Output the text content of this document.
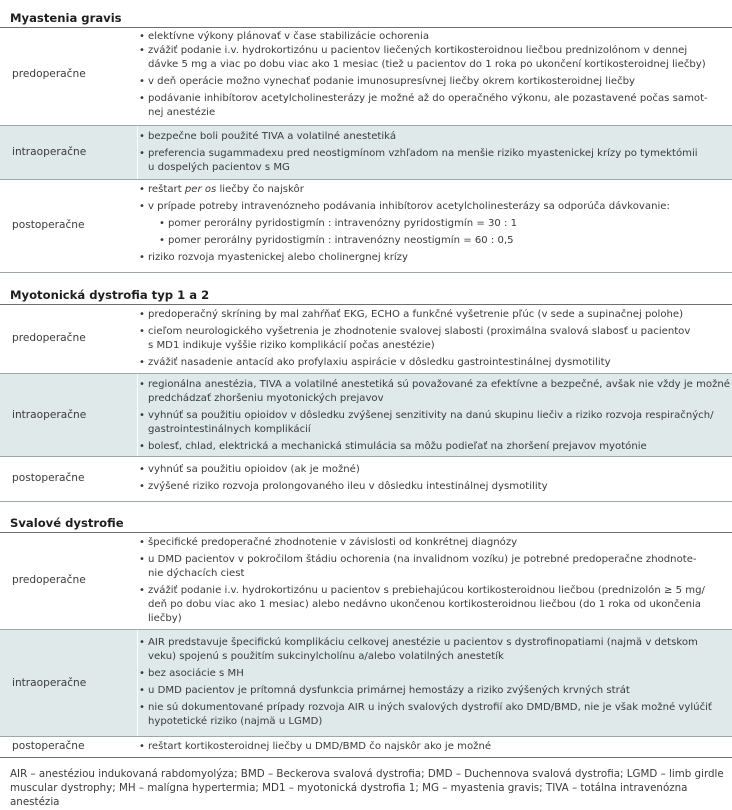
Myastenia gravis
predoperačne
• elektívne výkony plánovať v čase stabilizácie ochorenia
• zvážiť podanie i.v. hydrokortizónu u pacientov liečených kortikosteroidnou liečbou prednizolónom v dennej
dávke 5 mg a viac po dobu viac ako 1 mesiac (tiež u pacientov do 1 roka po ukončení kortikosteroidnej liečby)
• v deň operácie možno vynechať podanie imunosupresívnej liečby okrem kortikosteroidnej liečby
• podávanie inhibítorov acetylcholinesterázy je možné až do operačného výkonu, ale pozastavené počas samot-
nej anestézie
intraoperačne
• bezpečne boli použité TIVA a volatilné anestetiká
• preferencia sugammadexu pred neostigmínom vzhľadom na menšie riziko myastenickej krízy po tymektómii
u dospelých pacientov s MG
postoperačne
• reštart per os liečby čo najskôr
• v prípade potreby intravenózneho podávania inhibítorov acetylcholinesterázy sa odporúča dávkovanie:
• pomer perorálny pyridostigmín : intravenózny pyridostigmín = 30 : 1
• pomer perorálny pyridostigmín : intravenózny neostigmín = 60 : 0,5
• riziko rozvoja myastenickej alebo cholinergnej krízy
Myotonická dystrofia typ 1 a 2
predoperačne
• predoperačný skríning by mal zahŕňať EKG, ECHO a funkčné vyšetrenie pľúc (v sede a supinačnej polohe)
• cieľom neurologického vyšetrenia je zhodnotenie svalovej slabosti (proximálna svalová slabosť u pacientov
s MD1 indikuje vyššie riziko komplikácií počas anestézie)
• zvážiť nasadenie antacíd ako profylaxiu aspirácie v dôsledku gastrointestinálnej dysmotility
intraoperačne
• regionálna anestézia, TIVA a volatilné anestetiká sú považované za efektívne a bezpečné, avšak nie vždy je možné
predchádzať zhoršeniu myotonických prejavov
• vyhnúť sa použitiu opioidov v dôsledku zvýšenej senzitivity na danú skupinu liečiv a riziko rozvoja respiračných/
gastrointestinálnych komplikácií
• bolesť, chlad, elektrická a mechanická stimulácia sa môžu podieľať na zhoršení prejavov myotónie
postoperačne
• vyhnúť sa použitiu opioidov (ak je možné)
• zvýšené riziko rozvoja prolongovaného ileu v dôsledku intestinálnej dysmotility
Svalové dystrofie
predoperačne
• špecifické predoperačné zhodnotenie v závislosti od konkrétnej diagnózy
• u DMD pacientov v pokročilom štádiu ochorenia (na invalidnom vozíku) je potrebné predoperačne zhodnote-
nie dýchacích ciest
• zvážiť podanie i.v. hydrokortizónu u pacientov s prebiehajúcou kortikosteroidnou liečbou (prednizolón ≥ 5 mg/
deň po dobu viac ako 1 mesiac) alebo nedávno ukončenou kortikosteroidnou liečbou (do 1 roka od ukončenia
liečby)
intraoperačne
• AIR predstavuje špecifickú komplikáciu celkovej anestézie u pacientov s dystrofinopatiami (najmä v detskom
veku) spojenú s použitím sukcinylcholínu a/alebo volatilných anestetík
• bez asociácie s MH
• u DMD pacientov je prítomná dysfunkcia primárnej hemostázy a riziko zvýšených krvných strát
• nie sú dokumentované prípady rozvoja AIR u iných svalových dystrofií ako DMD/BMD, nie je však možné vylúčiť
hypotetické riziko (najmä u LGMD)
postoperačne	• reštart kortikosteroidnej liečby u DMD/BMD čo najskôr ako je možné
AIR – anestéziou indukovaná rabdomyolýza; BMD – Beckerova svalová dystrofia; DMD – Duchennova svalová dystrofia; LGMD – limb girdle
muscular dystrophy; MH – malígna hypertermia; MD1 – myotonická dystrofia 1; MG – myastenia gravis; TIVA – totálna intravenózna anestézia
